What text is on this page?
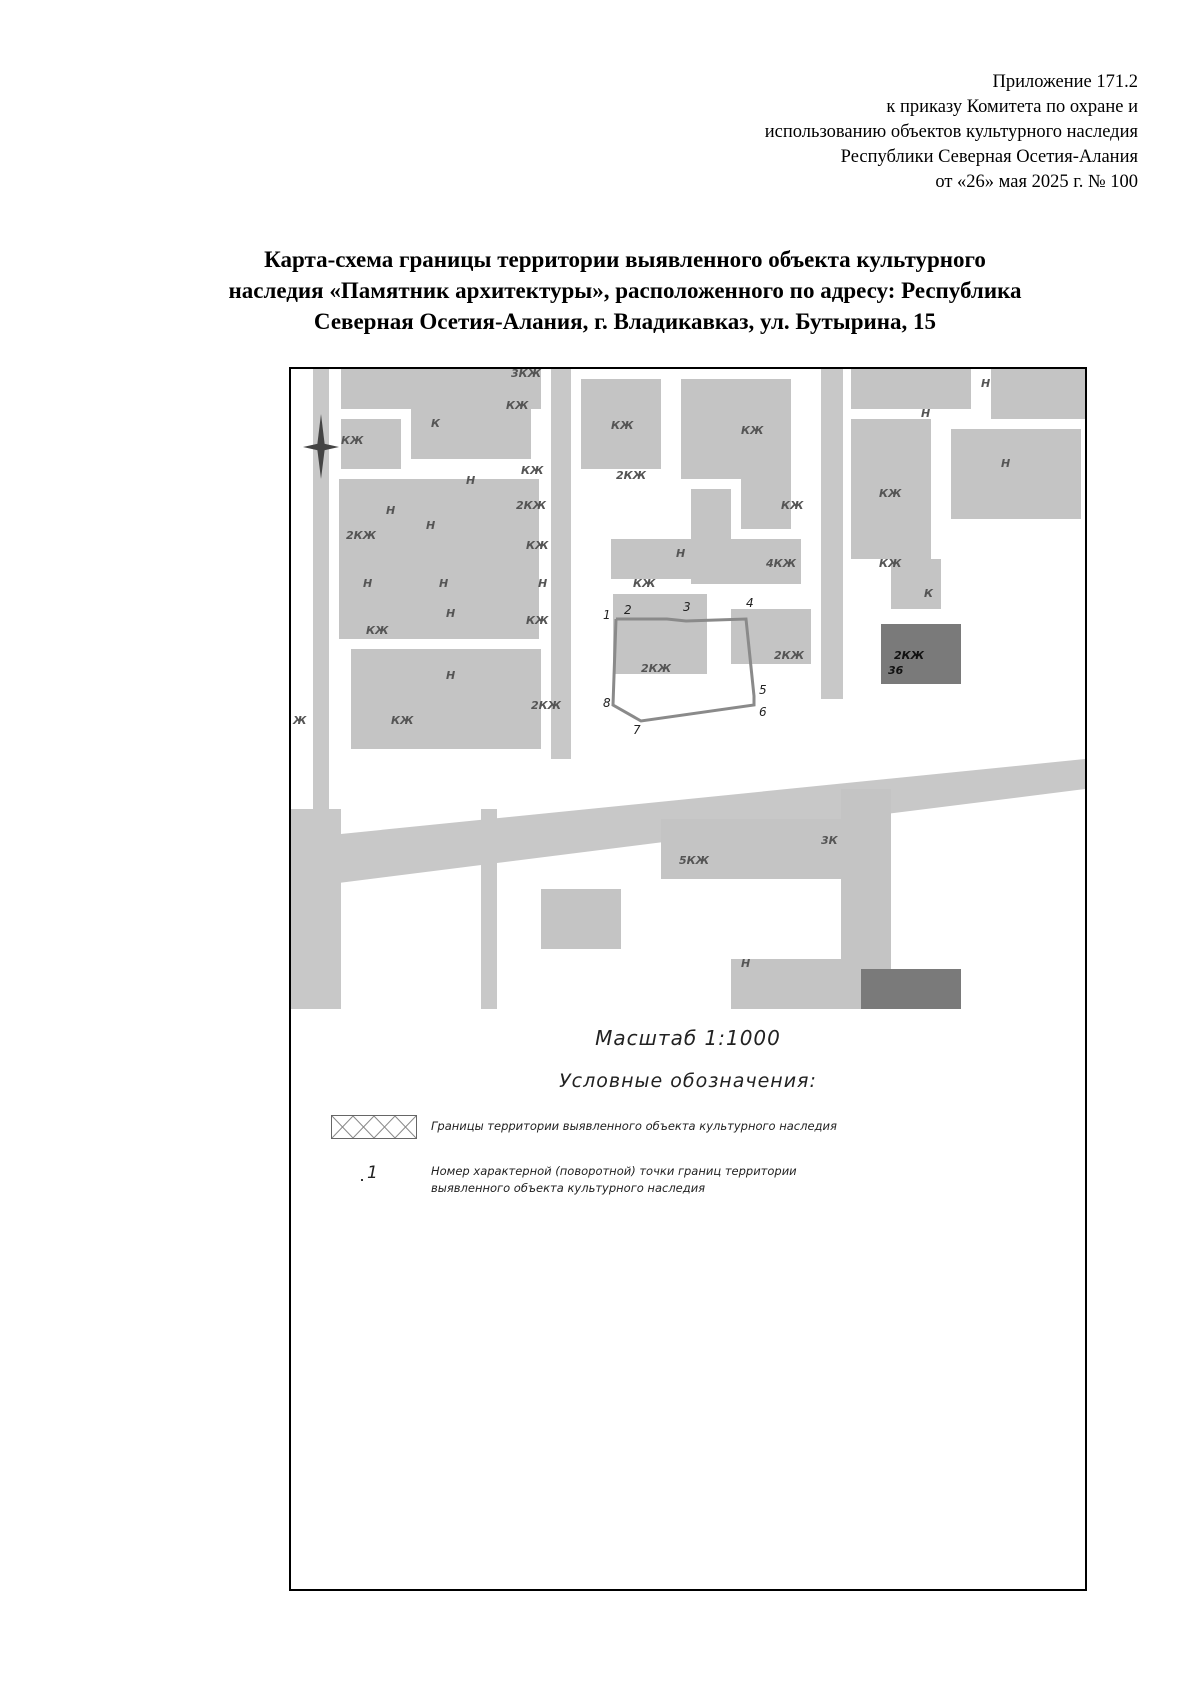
Приложение 171.2
к приказу Комитета по охране и
использованию объектов культурного наследия
Республики Северная Осетия-Алания
от «26» мая 2025 г. № 100
Карта-схема границы территории выявленного объекта культурного
наследия «Памятник архитектуры», расположенного по адресу: Республика
Северная Осетия-Алания, г. Владикавказ, ул. Бутырина, 15
3КЖ
К
КЖ
КЖ
Н
КЖ
Н	2КЖ
Н
2КЖ
КЖ
Н	Н	Н
Н
КЖ
КЖ
Н
КЖ
2КЖ
Ж
КЖ	КЖ
2КЖ
КЖ
Н
4КЖ
КЖ
2КЖ
2КЖ
Н
Н
Н
КЖ
КЖ
К
2КЖ
36
3К
5КЖ
Н
1 2	3	4
5
6
7
8
Масштаб 1:1000
Условные обозначения:
Границы территории выявленного объекта культурного наследия
1	Номер характерной (поворотной) точки границ территории
выявленного объекта культурного наследия
